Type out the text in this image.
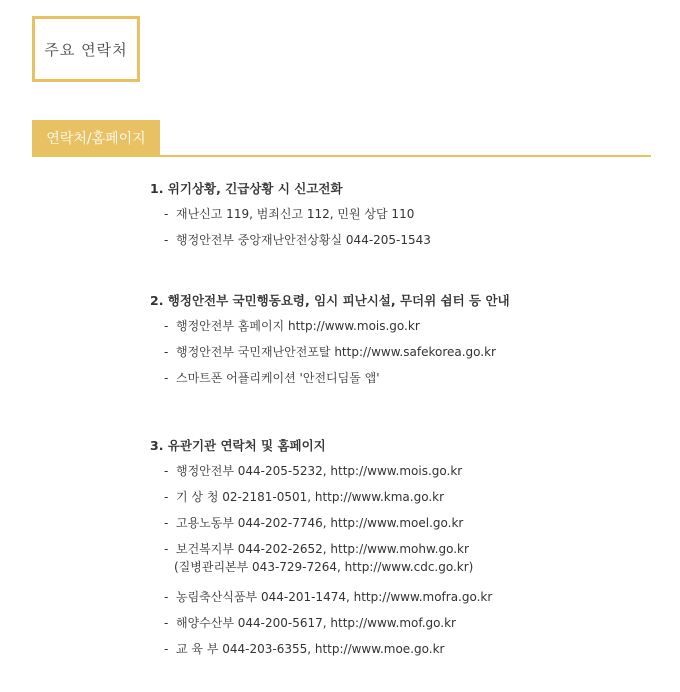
주요 연락처
연락처/홈페이지
1. 위기상황, 긴급상황 시 신고전화
- 재난신고 119, 범죄신고 112, 민원 상담 110
- 행정안전부 중앙재난안전상황실 044-205-1543
2. 행정안전부 국민행동요령, 임시 피난시설, 무더위 쉼터 등 안내
- 행정안전부 홈페이지 http://www.mois.go.kr
- 행정안전부 국민재난안전포탈 http://www.safekorea.go.kr
- 스마트폰 어플리케이션 '안전디딤돌 앱'
3. 유관기관 연락처 및 홈페이지
- 행정안전부 044-205-5232, http://www.mois.go.kr
- 기 상 청 02-2181-0501, http://www.kma.go.kr
- 고용노동부 044-202-7746, http://www.moel.go.kr
- 보건복지부 044-202-2652, http://www.mohw.go.kr
(질병관리본부 043-729-7264, http://www.cdc.go.kr)
- 농림축산식품부 044-201-1474, http://www.mofra.go.kr
- 해양수산부 044-200-5617, http://www.mof.go.kr
- 교 육 부 044-203-6355, http://www.moe.go.kr
